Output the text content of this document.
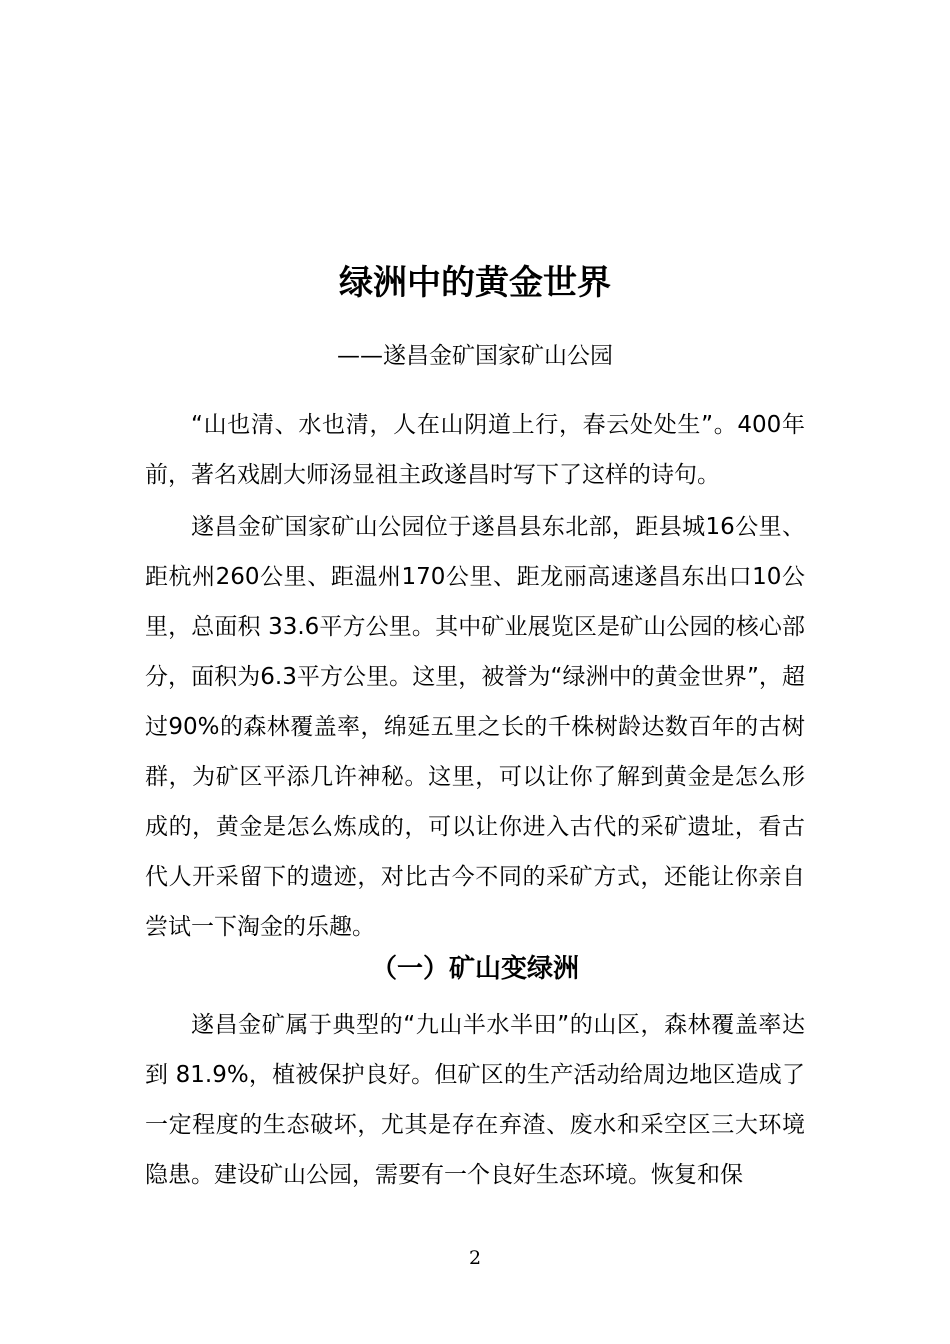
绿洲中的黄金世界
——遂昌金矿国家矿山公园

“山也清、水也清，人在山阴道上行，春云处处生”。400年前，著名戏剧大师汤显祖主政遂昌时写下了这样的诗句。

遂昌金矿国家矿山公园位于遂昌县东北部，距县城16公里、距杭州260公里、距温州170公里、距龙丽高速遂昌东出口10公里，总面积 33.6平方公里。其中矿业展览区是矿山公园的核心部分，面积为6.3平方公里。这里，被誉为“绿洲中的黄金世界”，超过90%的森林覆盖率，绵延五里之长的千株树龄达数百年的古树群，为矿区平添几许神秘。这里，可以让你了解到黄金是怎么形成的，黄金是怎么炼成的，可以让你进入古代的采矿遗址，看古代人开采留下的遗迹，对比古今不同的采矿方式，还能让你亲自尝试一下淘金的乐趣。

（一）矿山变绿洲

遂昌金矿属于典型的“九山半水半田”的山区，森林覆盖率达到 81.9%，植被保护良好。但矿区的生产活动给周边地区造成了一定程度的生态破坏，尤其是存在弃渣、废水和采空区三大环境隐患。建设矿山公园，需要有一个良好生态环境。恢复和保

2
